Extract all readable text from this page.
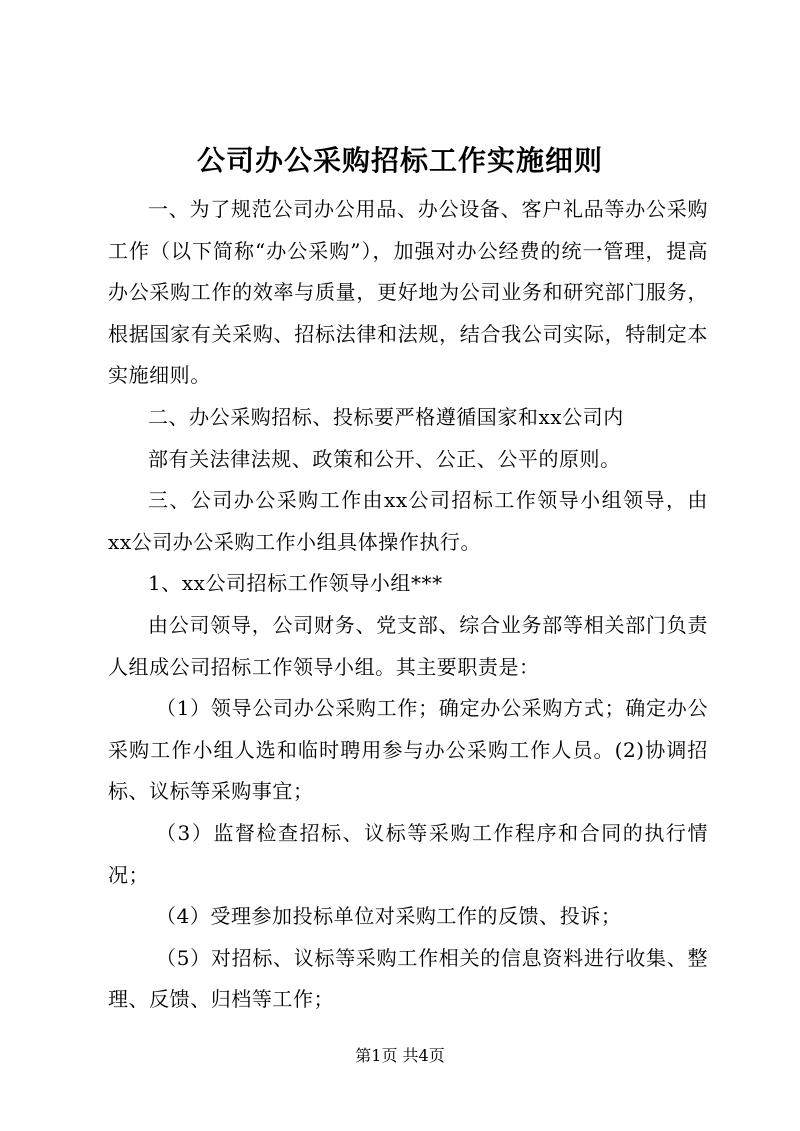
公司办公采购招标工作实施细则

一、为了规范公司办公用品、办公设备、客户礼品等办公采购工作（以下简称“办公采购”），加强对办公经费的统一管理，提高办公采购工作的效率与质量，更好地为公司业务和研究部门服务，根据国家有关采购、招标法律和法规，结合我公司实际，特制定本实施细则。

二、办公采购招标、投标要严格遵循国家和xx公司内

部有关法律法规、政策和公开、公正、公平的原则。

三、公司办公采购工作由xx公司招标工作领导小组领导，由xx公司办公采购工作小组具体操作执行。

1、xx公司招标工作领导小组***

由公司领导，公司财务、党支部、综合业务部等相关部门负责人组成公司招标工作领导小组。其主要职责是：

（1）领导公司办公采购工作；确定办公采购方式；确定办公采购工作小组人选和临时聘用参与办公采购工作人员。(2)协调招标、议标等采购事宜；

（3）监督检查招标、议标等采购工作程序和合同的执行情况；

（4）受理参加投标单位对采购工作的反馈、投诉；

（5）对招标、议标等采购工作相关的信息资料进行收集、整理、反馈、归档等工作；

第1页 共4页
